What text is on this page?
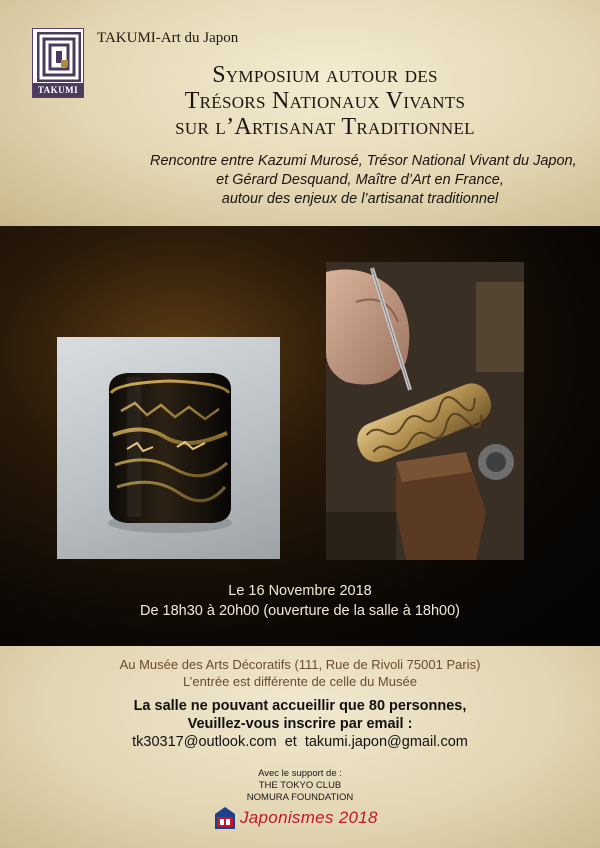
TAKUMI
TAKUMI-Art du Japon
Symposium autour des
Trésors Nationaux Vivants
sur l’Artisanat Traditionnel
Rencontre entre Kazumi Murosé, Trésor National Vivant du Japon,
et Gérard Desquand, Maître d’Art en France,
autour des enjeux de l’artisanat traditionnel
Le 16 Novembre 2018
De 18h30 à 20h00 (ouverture de la salle à 18h00)
Au Musée des Arts Décoratifs (111, Rue de Rivoli 75001 Paris)
L’entrée est différente de celle du Musée
La salle ne pouvant accueillir que 80 personnes,
Veuillez-vous inscrire par email :
tk30317@outlook.com et takumi.japon@gmail.com
Avec le support de :
THE TOKYO CLUB
NOMURA FOUNDATION
Japonismes 2018
